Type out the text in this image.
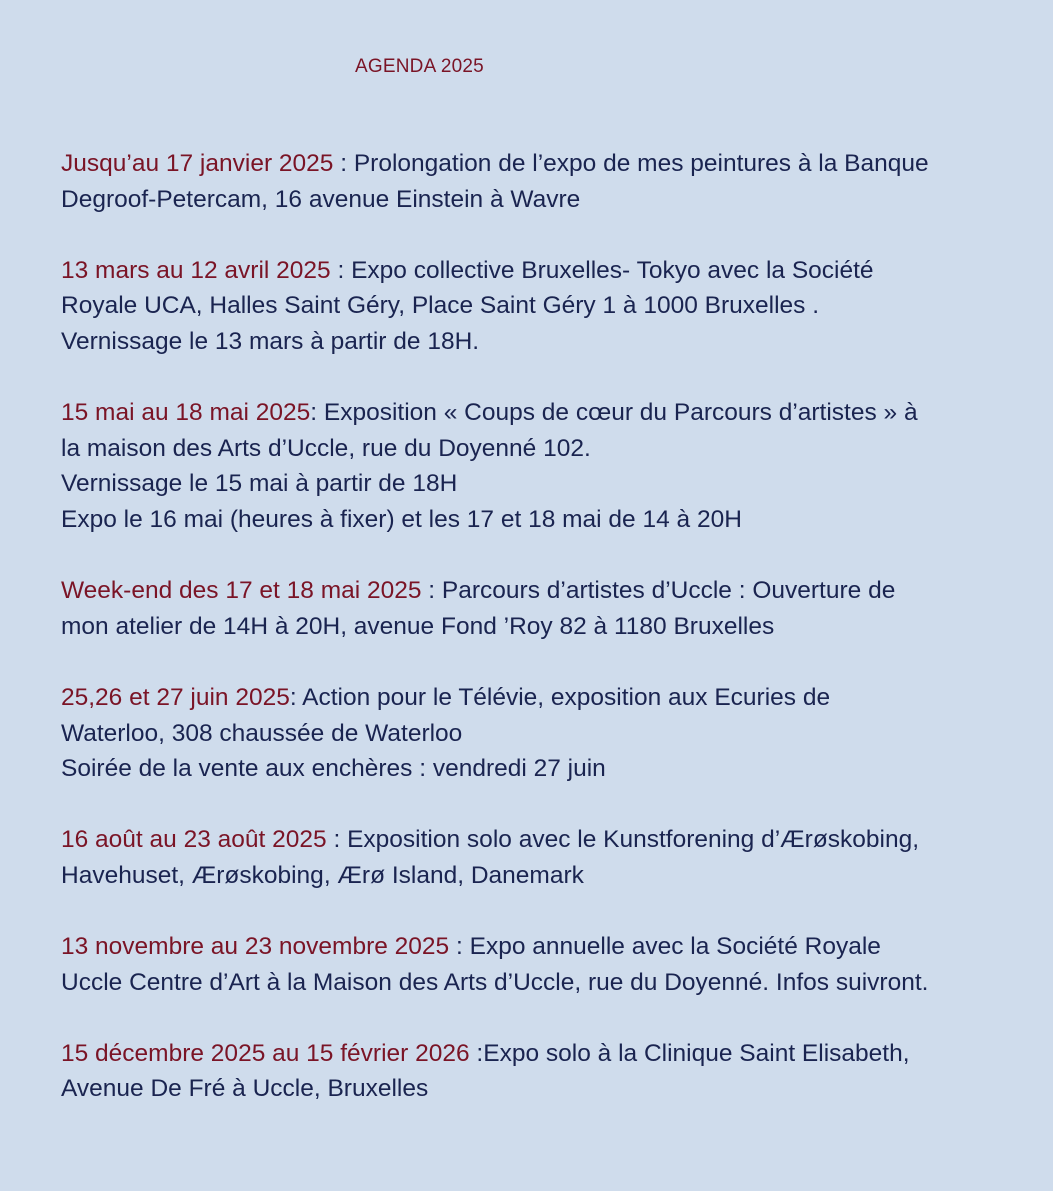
AGENDA 2025
Jusqu’au 17 janvier 2025 : Prolongation de l’expo de mes peintures à la Banque
Degroof-Petercam, 16 avenue Einstein à Wavre
13 mars au 12 avril 2025 : Expo collective Bruxelles- Tokyo avec la Société
Royale UCA, Halles Saint Géry, Place Saint Géry 1 à 1000 Bruxelles .
Vernissage le 13 mars à partir de 18H.
15 mai au 18 mai 2025: Exposition « Coups de cœur du Parcours d’artistes » à
la maison des Arts d’Uccle, rue du Doyenné 102.
Vernissage le 15 mai à partir de 18H
Expo le 16 mai (heures à fixer) et les 17 et 18 mai de 14 à 20H
Week-end des 17 et 18 mai 2025 : Parcours d’artistes d’Uccle : Ouverture de
mon atelier de 14H à 20H, avenue Fond ’Roy 82 à 1180 Bruxelles
25,26 et 27 juin 2025: Action pour le Télévie, exposition aux Ecuries de
Waterloo, 308 chaussée de Waterloo
Soirée de la vente aux enchères : vendredi 27 juin
16 août au 23 août 2025 : Exposition solo avec le Kunstforening d’Ærøskobing,
Havehuset, Ærøskobing, Ærø Island, Danemark
13 novembre au 23 novembre 2025 : Expo annuelle avec la Société Royale
Uccle Centre d’Art à la Maison des Arts d’Uccle, rue du Doyenné. Infos suivront.
15 décembre 2025 au 15 février 2026 :Expo solo à la Clinique Saint Elisabeth,
Avenue De Fré à Uccle, Bruxelles
